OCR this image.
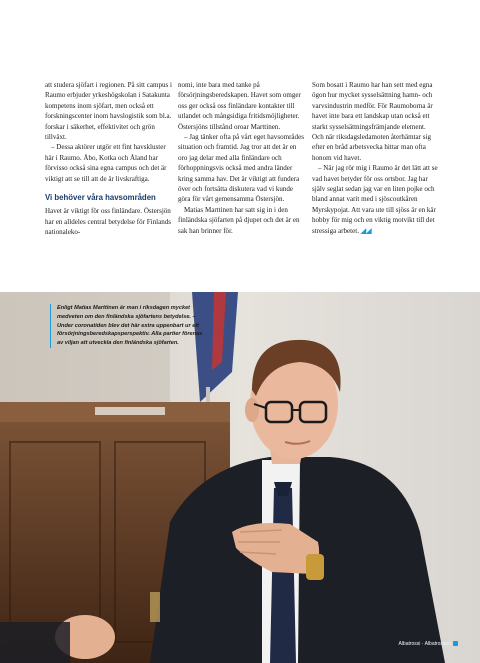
att studera sjöfart i regionen. På sitt campus i Raumo erbjuder yrkeshögskolan i Satakunta kompetens inom sjöfart, men också ett forskningscenter inom havslogistik som bl.a. forskar i säkerhet, effektivitet och grön tillväxt.

– Dessa aktörer utgör ett fint havskluster här i Raumo. Åbo, Kotka och Åland har förvisso också sina egna campus och det är viktigt att se till att de är livskraftiga.

Vi behöver våra havsområden

Havet är viktigt för oss finländare. Östersjön har en alldeles central betydelse för Finlands nationaleko-

nomi, inte bara med tanke på försörjningsberedskapen. Havet som omger oss ger också oss finländare kontakter till utlandet och mångsidiga fritidsmöjligheter. Östersjöns tillstånd oroar Marttinen.

– Jag tänker ofta på vårt eget havsområdes situation och framtid. Jag tror att det är en oro jag delar med alla finländare och förhoppningsvis också med andra länder kring samma hav. Det är viktigt att fundera över och fortsätta diskutera vad vi kunde göra för vårt gemensamma Östersjön.

Matias Marttinen har satt sig in i den finländska sjöfarten på djupet och det är en sak han brinner för.

Som bosatt i Raumo har han sett med egna ögon hur mycket sysselsättning hamn- och varvsindustrin medför. För Raumoborna är havet inte bara ett landskap utan också ett starkt sysselsättningsfrämjande element. Och när riksdagsledamoten återhämtar sig efter en bråd arbetsvecka hittar man ofta honom vid havet.

– När jag rör mig i Raumo är det lätt att se vad havet betyder för oss ortsbor. Jag har själv seglat sedan jag var en liten pojke och bland annat varit med i sjöscoutkåren Myrskypojat. Att vara ute till sjöss är en kär hobby för mig och en viktig motvikt till det stressiga arbetet. ◢◢

Enligt Matias Marttinen är man i riksdagen mycket medveten om den finländska sjöfartens betydelse. – Under coronatiden blev det här extra uppenbart ur ett försörjningsberedskapsperspektiv. Alla partier förenas av viljan att utveckla den finländska sjöfarten.
Albatrossi · Albatrossen
